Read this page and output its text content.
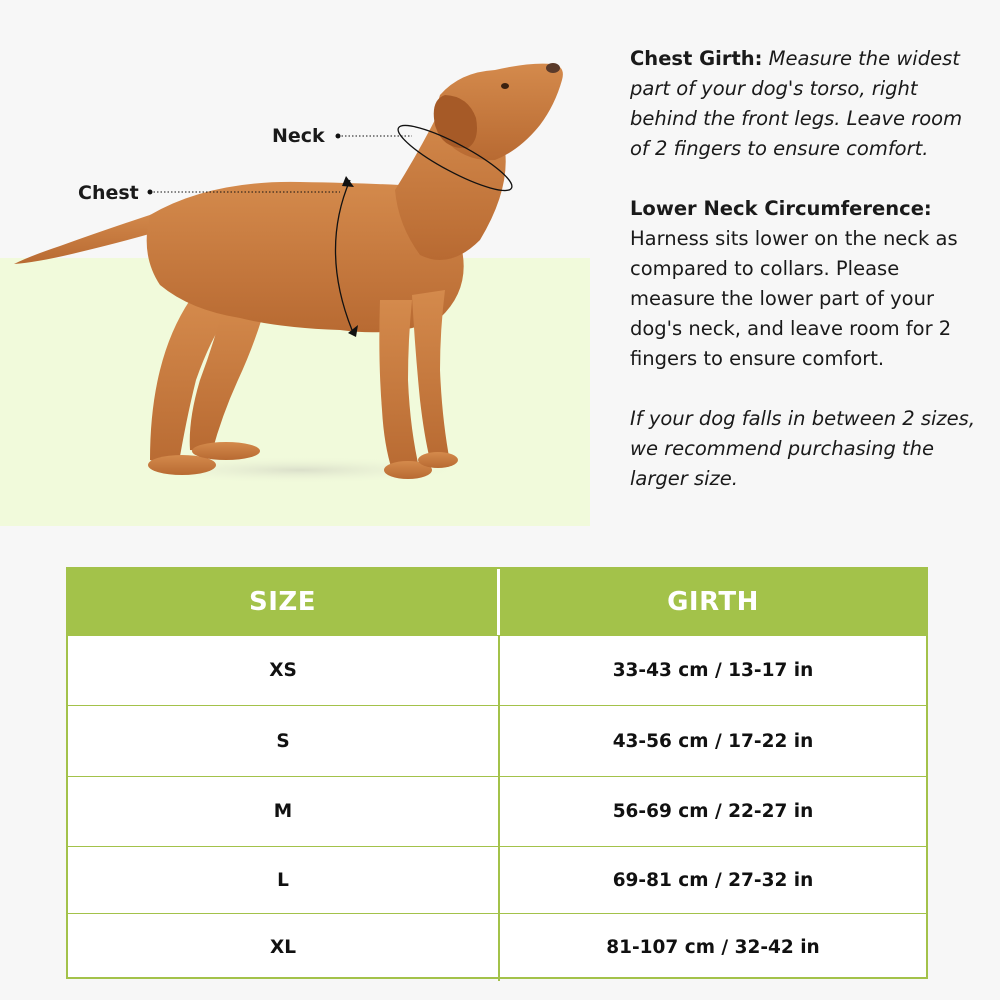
Neck
Chest

Chest Girth: Measure the widest part of your dog's torso, right behind the front legs. Leave room of 2 fingers to ensure comfort.

Lower Neck Circumference: Harness sits lower on the neck as compared to collars. Please measure the lower part of your dog's neck, and leave room for 2 fingers to ensure comfort.

If your dog falls in between 2 sizes, we recommend purchasing the larger size.

SIZE	GIRTH
XS	33-43 cm / 13-17 in
S	43-56 cm / 17-22 in
M	56-69 cm / 22-27 in
L	69-81 cm / 27-32 in
XL	81-107 cm / 32-42 in
